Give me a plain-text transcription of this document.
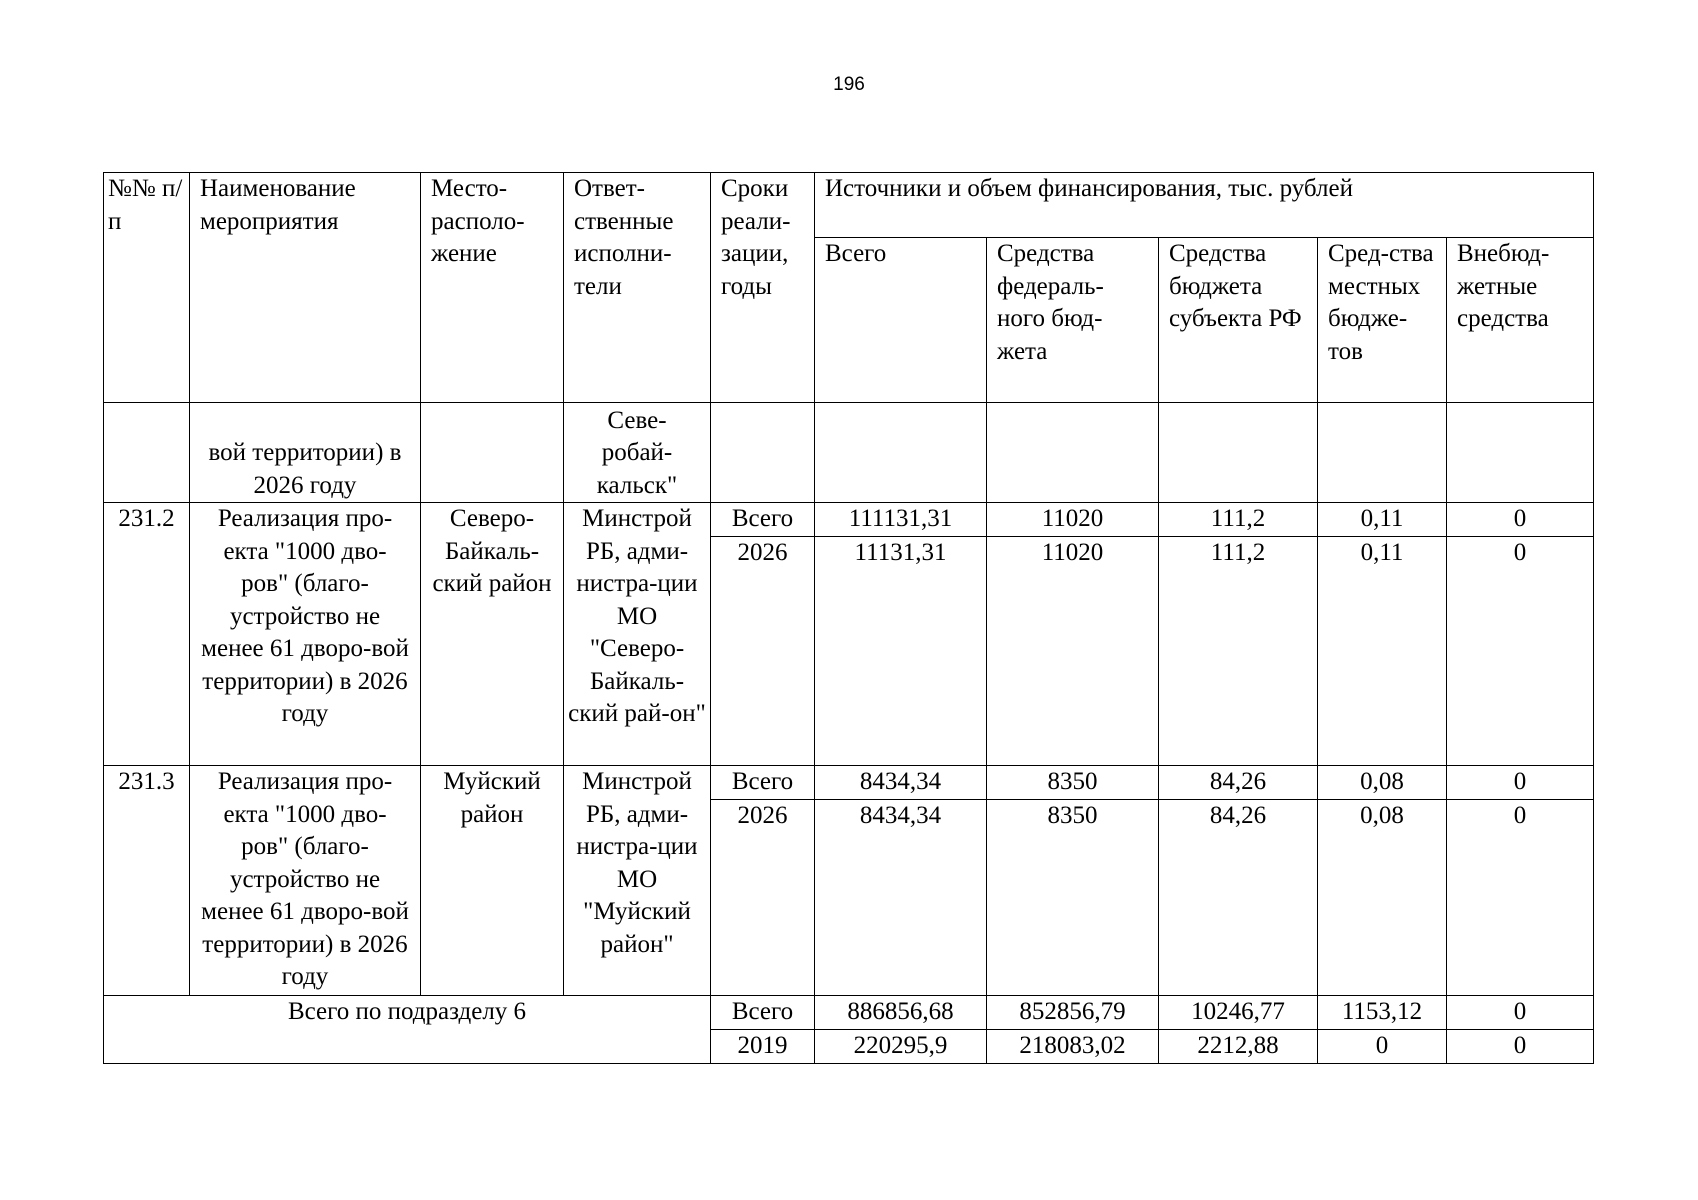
196
№№ п/п	Наименование мероприятия	Место-располо-жение	Ответ-ственные исполни-тели	Сроки реали-зации, годы	Источники и объем финансирования, тыс. рублей				
					Всего	Средства федераль-ного бюд-жета	Средства бюджета субъекта РФ	Сред-ства местных бюдже-тов	Внебюд-жетные средства
	вой территории) в 2026 году		Севе-робай-кальск"						
231.2	Реализация про-екта "1000 дво-ров" (благо-устройство не менее 61 дворо-вой территории) в 2026 году	Северо-Байкаль-ский район	Минстрой РБ, адми-нистра-ции МО "Северо-Байкаль-ский рай-он"	Всего	111131,31	11020	111,2	0,11	0
				2026	11131,31	11020	111,2	0,11	0
231.3	Реализация про-екта "1000 дво-ров" (благо-устройство не менее 61 дворо-вой территории) в 2026 году	Муйский район	Минстрой РБ, адми-нистра-ции МО "Муйский район"	Всего	8434,34	8350	84,26	0,08	0
				2026	8434,34	8350	84,26	0,08	0
Всего по подразделу 6				Всего	886856,68	852856,79	10246,77	1153,12	0
				2019	220295,9	218083,02	2212,88	0	0
